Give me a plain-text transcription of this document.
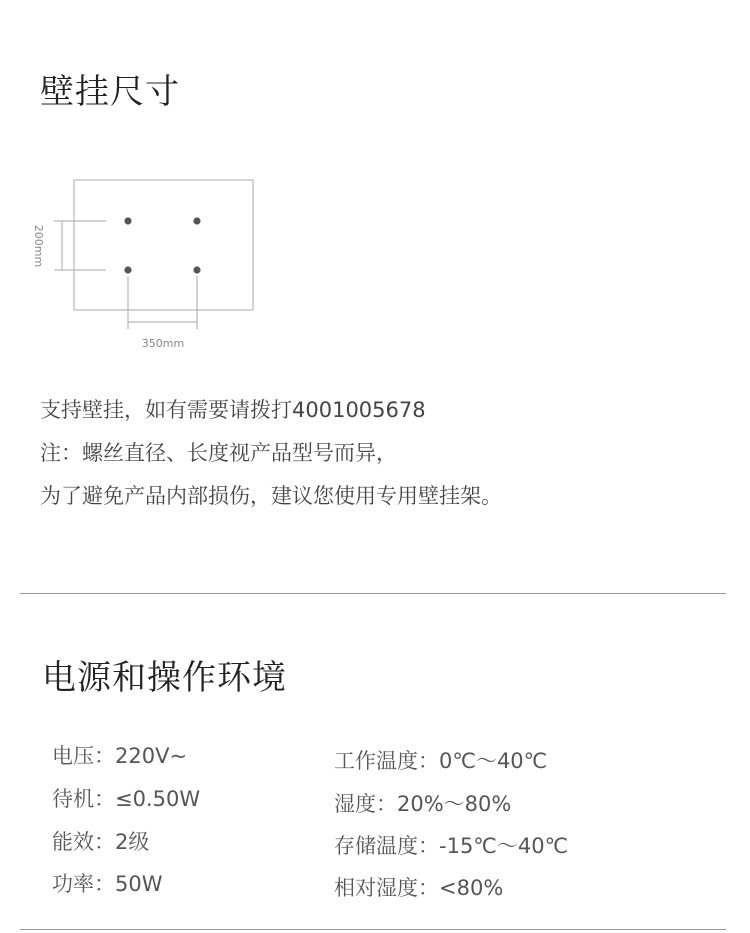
壁挂尺寸
200mm
350mm
支持壁挂，如有需要请拨打4001005678
注：螺丝直径、长度视产品型号而异，
为了避免产品内部损伤，建议您使用专用壁挂架。
电源和操作环境
电压：220V~
待机：≤0.50W
能效：2级
功率：50W
工作温度：0℃～40℃
湿度：20%～80%
存储温度：-15℃～40℃
相对湿度：<80%
